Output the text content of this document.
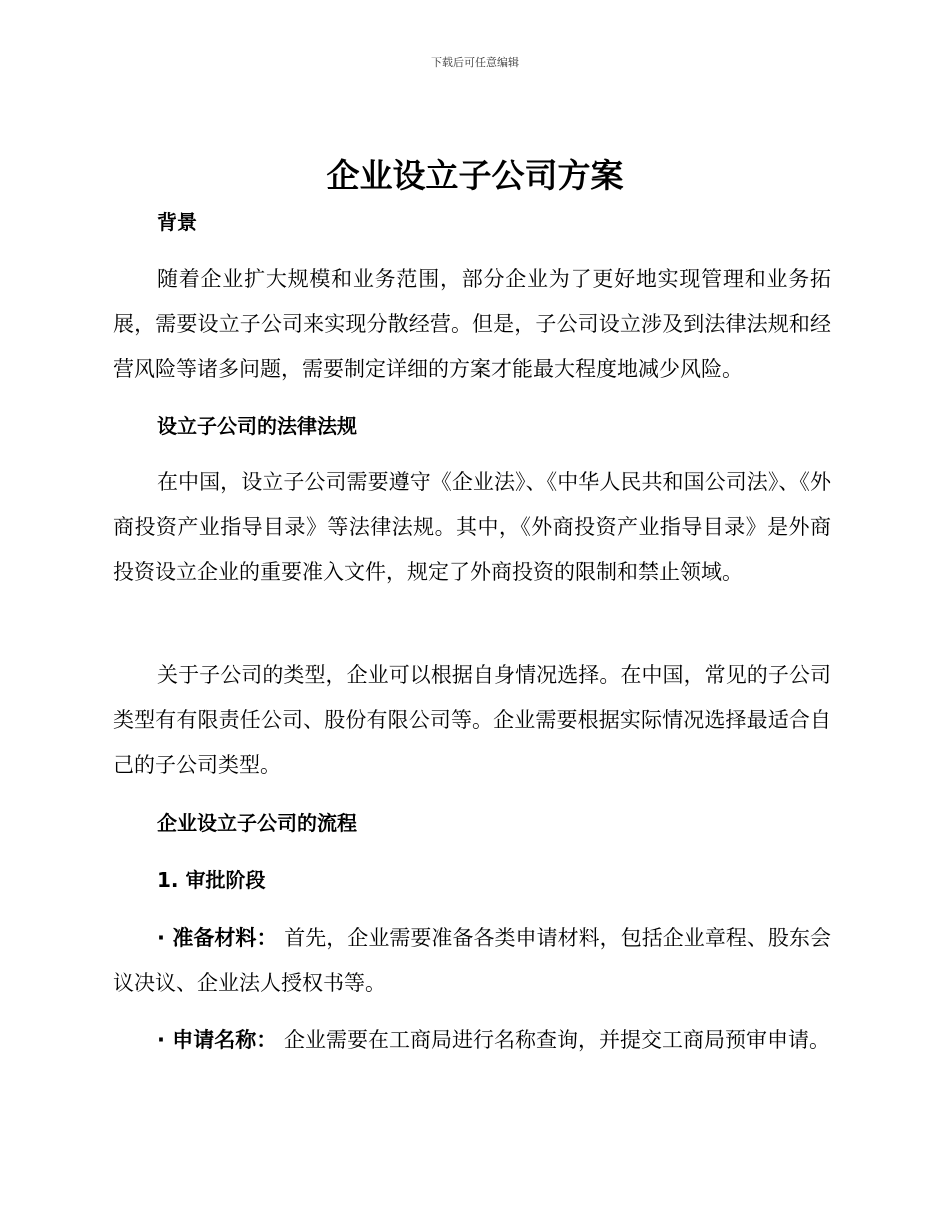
下载后可任意编辑
企业设立子公司方案
背景
随着企业扩大规模和业务范围，部分企业为了更好地实现管理和业务拓展，需要设立子公司来实现分散经营。但是，子公司设立涉及到法律法规和经营风险等诸多问题，需要制定详细的方案才能最大程度地减少风险。
设立子公司的法律法规
在中国，设立子公司需要遵守《企业法》、《中华人民共和国公司法》、《外商投资产业指导目录》等法律法规。其中，《外商投资产业指导目录》是外商投资设立企业的重要准入文件，规定了外商投资的限制和禁止领域。
关于子公司的类型，企业可以根据自身情况选择。在中国，常见的子公司类型有有限责任公司、股份有限公司等。企业需要根据实际情况选择最适合自己的子公司类型。
企业设立子公司的流程
1. 审批阶段
· 准备材料： 首先，企业需要准备各类申请材料，包括企业章程、股东会议决议、企业法人授权书等。
· 申请名称： 企业需要在工商局进行名称查询，并提交工商局预审申请。
